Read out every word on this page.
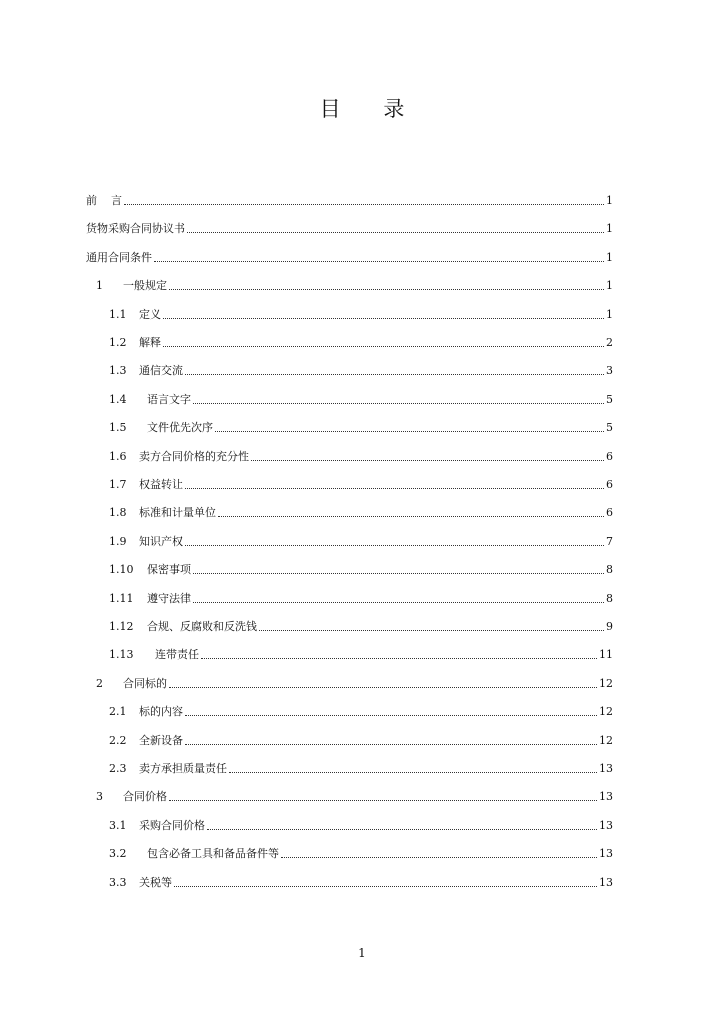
目 录
前    言	1
货物采购合同协议书	1
通用合同条件	1
1	一般规定	1
1.1	定义	1
1.2	解释	2
1.3	通信交流	3
1.4	语言文字	5
1.5	文件优先次序	5
1.6	卖方合同价格的充分性	6
1.7	权益转让	6
1.8	标准和计量单位	6
1.9	知识产权	7
1.10	保密事项	8
1.11	遵守法律	8
1.12	合规、反腐败和反洗钱	9
1.13	连带责任	11
2	合同标的	12
2.1	标的内容	12
2.2	全新设备	12
2.3	卖方承担质量责任	13
3	合同价格	13
3.1	采购合同价格	13
3.2	包含必备工具和备品备件等	13
3.3	关税等	13
1
